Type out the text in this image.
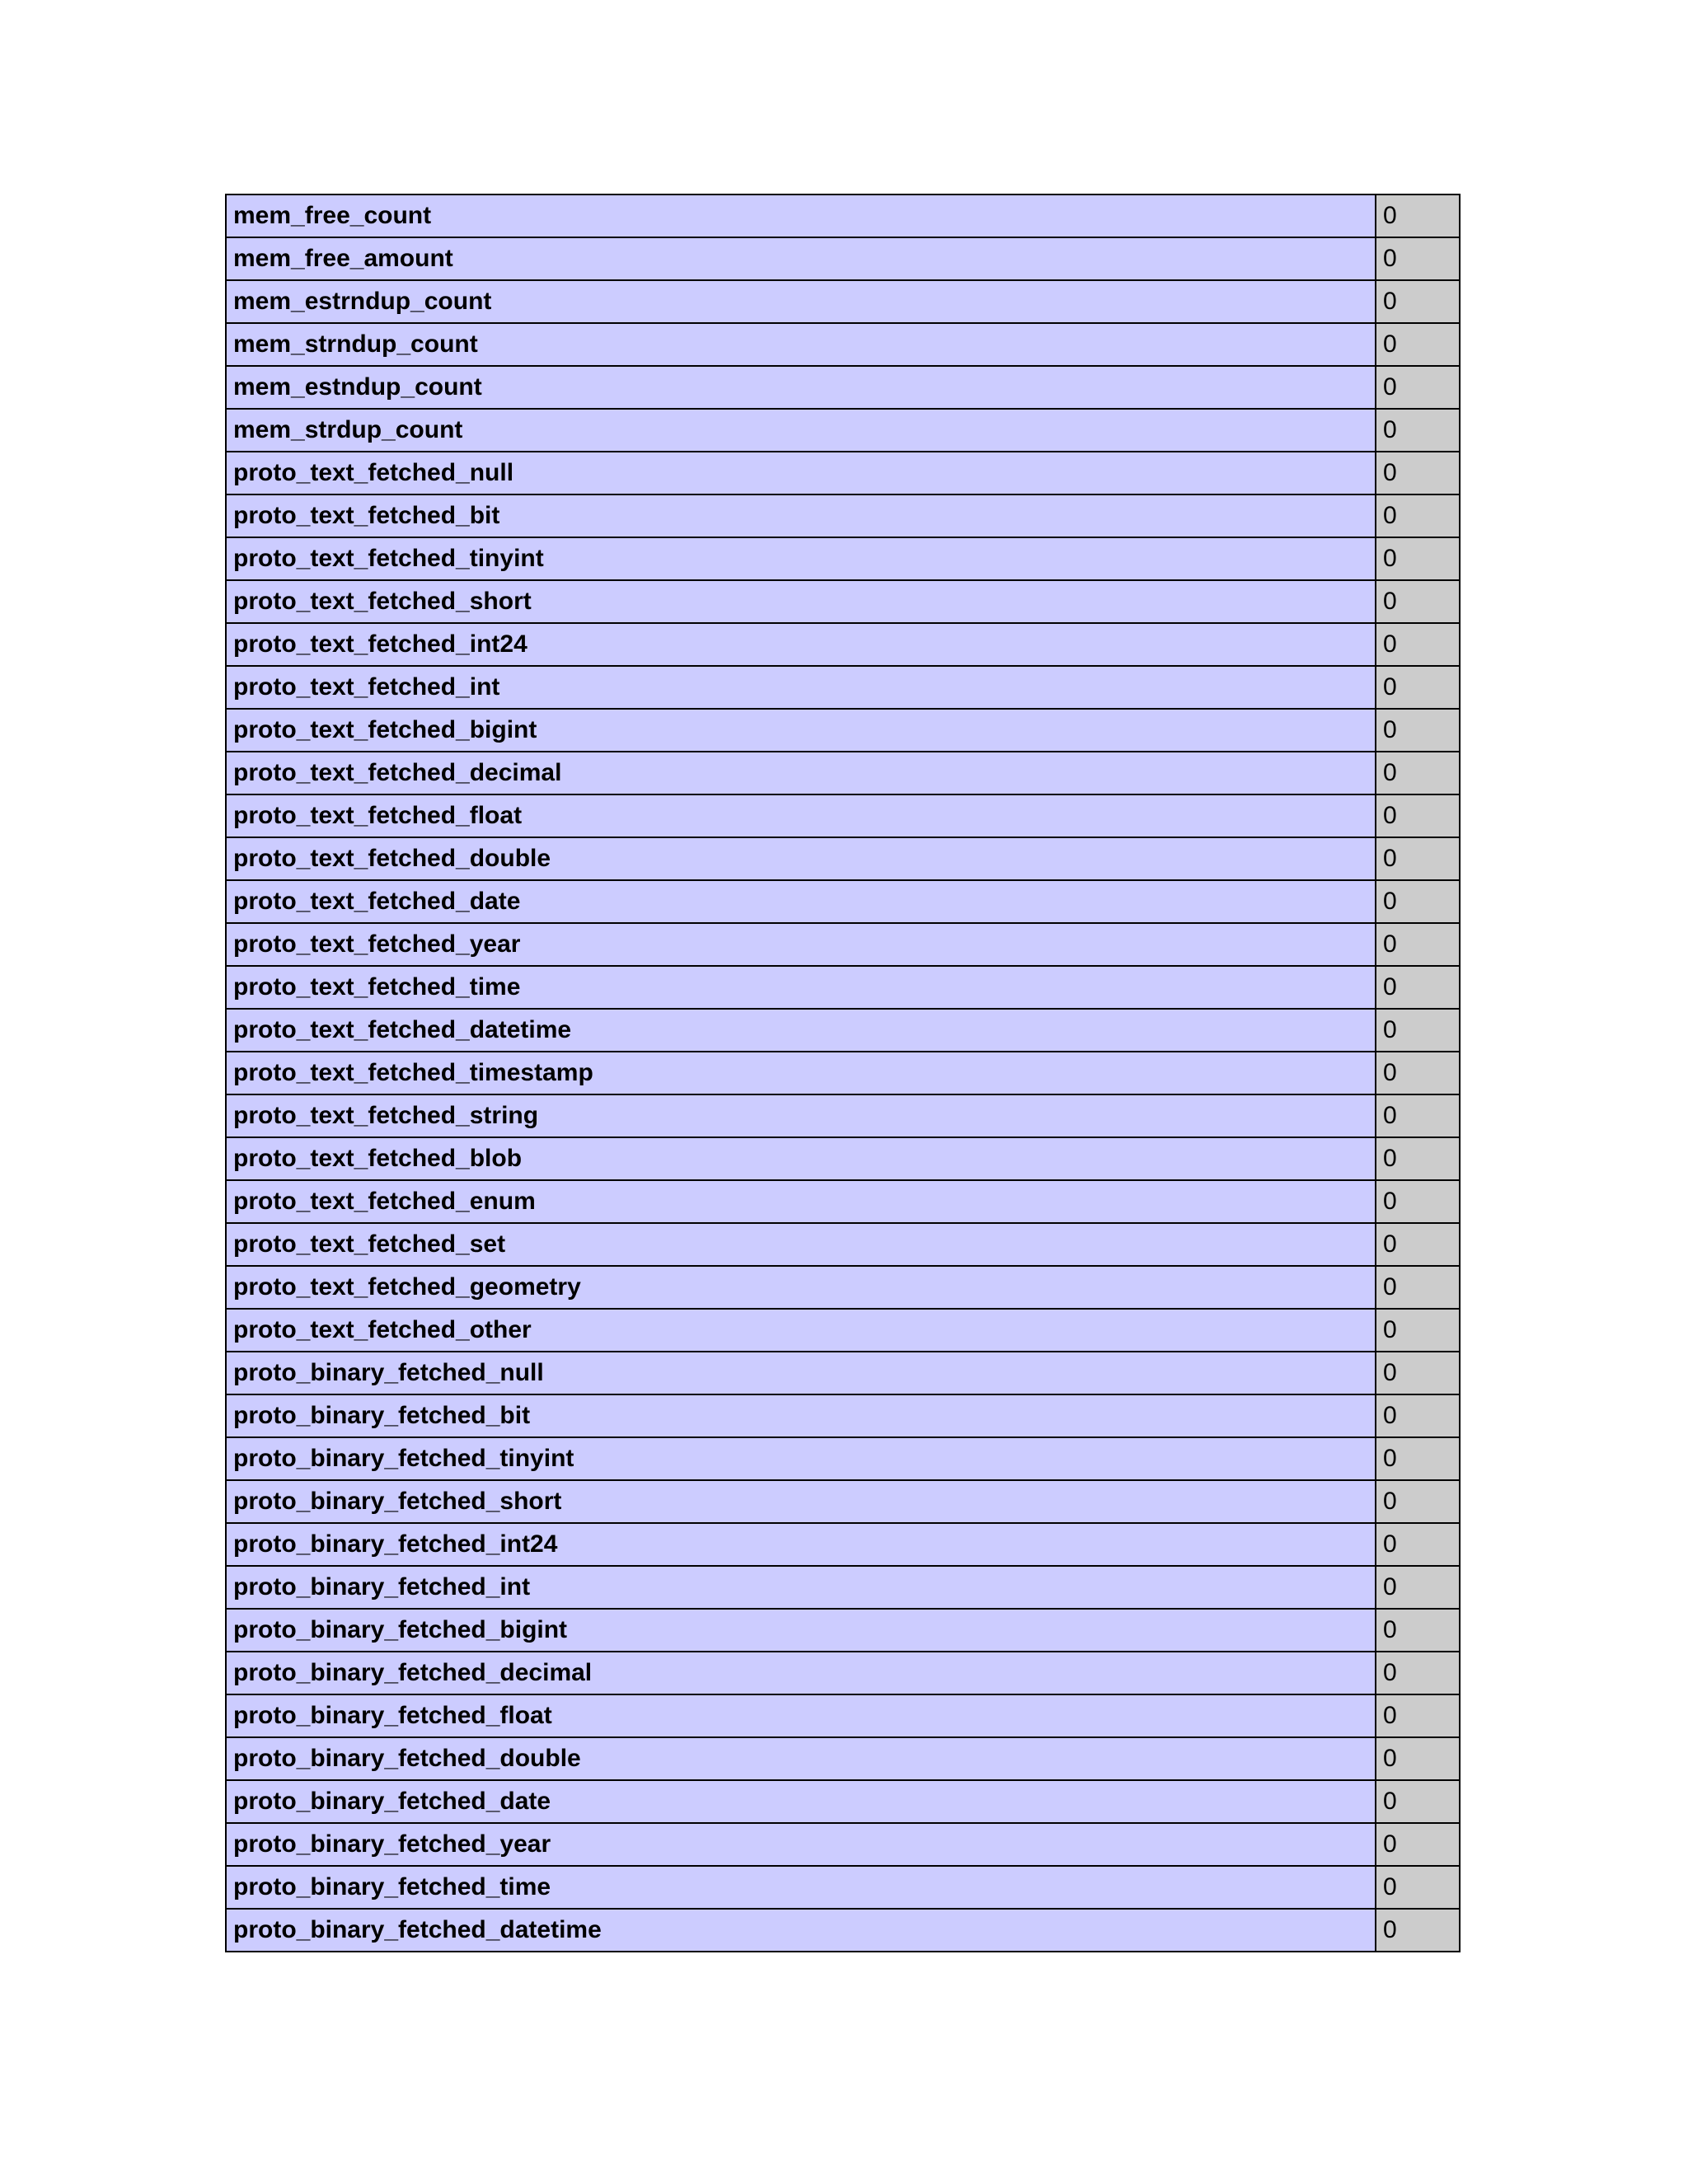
mem_free_count	0
mem_free_amount	0
mem_estrndup_count	0
mem_strndup_count	0
mem_estndup_count	0
mem_strdup_count	0
proto_text_fetched_null	0
proto_text_fetched_bit	0
proto_text_fetched_tinyint	0
proto_text_fetched_short	0
proto_text_fetched_int24	0
proto_text_fetched_int	0
proto_text_fetched_bigint	0
proto_text_fetched_decimal	0
proto_text_fetched_float	0
proto_text_fetched_double	0
proto_text_fetched_date	0
proto_text_fetched_year	0
proto_text_fetched_time	0
proto_text_fetched_datetime	0
proto_text_fetched_timestamp	0
proto_text_fetched_string	0
proto_text_fetched_blob	0
proto_text_fetched_enum	0
proto_text_fetched_set	0
proto_text_fetched_geometry	0
proto_text_fetched_other	0
proto_binary_fetched_null	0
proto_binary_fetched_bit	0
proto_binary_fetched_tinyint	0
proto_binary_fetched_short	0
proto_binary_fetched_int24	0
proto_binary_fetched_int	0
proto_binary_fetched_bigint	0
proto_binary_fetched_decimal	0
proto_binary_fetched_float	0
proto_binary_fetched_double	0
proto_binary_fetched_date	0
proto_binary_fetched_year	0
proto_binary_fetched_time	0
proto_binary_fetched_datetime	0
